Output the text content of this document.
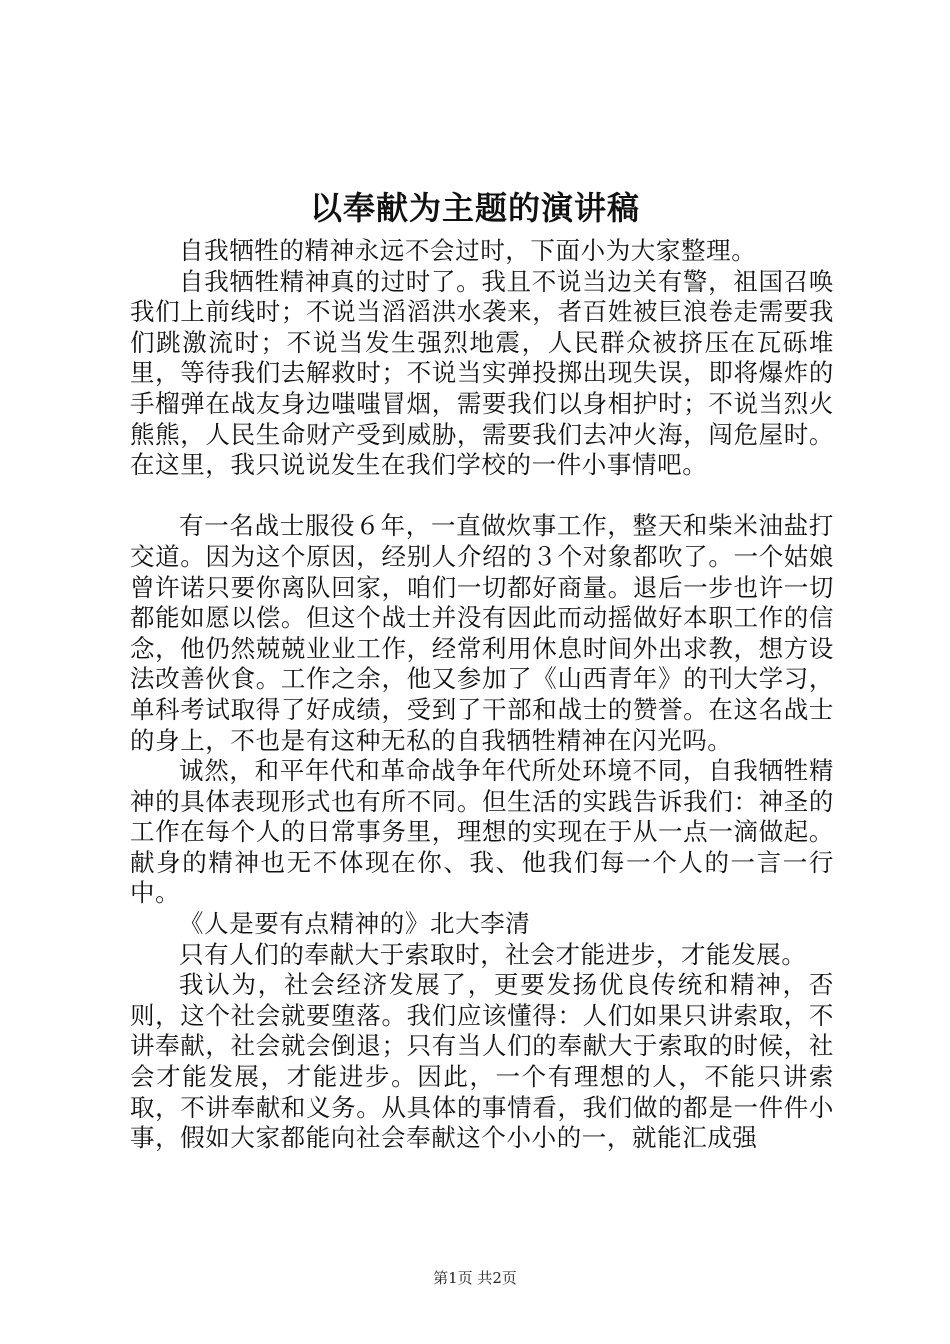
以奉献为主题的演讲稿

自我牺牲的精神永远不会过时，下面小为大家整理。

自我牺牲精神真的过时了。我且不说当边关有警，祖国召唤我们上前线时；不说当滔滔洪水袭来，者百姓被巨浪卷走需要我们跳激流时；不说当发生强烈地震，人民群众被挤压在瓦砾堆里，等待我们去解救时；不说当实弹投掷出现失误，即将爆炸的手榴弹在战友身边嗤嗤冒烟，需要我们以身相护时；不说当烈火熊熊，人民生命财产受到威胁，需要我们去冲火海，闯危屋时。在这里，我只说说发生在我们学校的一件小事情吧。

有一名战士服役６年，一直做炊事工作，整天和柴米油盐打交道。因为这个原因，经别人介绍的３个对象都吹了。一个姑娘曾许诺只要你离队回家，咱们一切都好商量。退后一步也许一切都能如愿以偿。但这个战士并没有因此而动摇做好本职工作的信念，他仍然兢兢业业工作，经常利用休息时间外出求教，想方设法改善伙食。工作之余，他又参加了《山西青年》的刊大学习，单科考试取得了好成绩，受到了干部和战士的赞誉。在这名战士的身上，不也是有这种无私的自我牺牲精神在闪光吗。

诚然，和平年代和革命战争年代所处环境不同，自我牺牲精神的具体表现形式也有所不同。但生活的实践告诉我们：神圣的工作在每个人的日常事务里，理想的实现在于从一点一滴做起。献身的精神也无不体现在你、我、他我们每一个人的一言一行中。

《人是要有点精神的》北大李清

只有人们的奉献大于索取时，社会才能进步，才能发展。

我认为，社会经济发展了，更要发扬优良传统和精神，否则，这个社会就要堕落。我们应该懂得：人们如果只讲索取，不讲奉献，社会就会倒退；只有当人们的奉献大于索取的时候，社会才能发展，才能进步。因此，一个有理想的人，不能只讲索取，不讲奉献和义务。从具体的事情看，我们做的都是一件件小事，假如大家都能向社会奉献这个小小的一，就能汇成强

第1页 共2页
